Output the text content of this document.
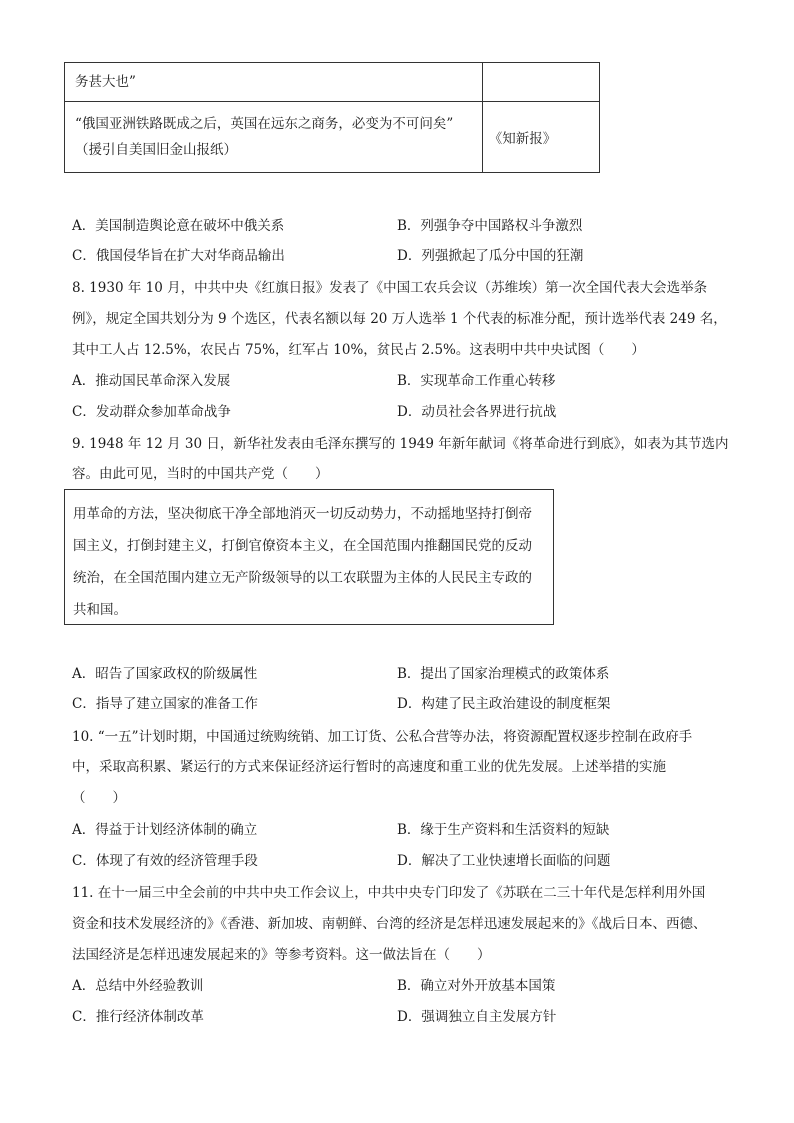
务甚大也”	

“俄国亚洲铁路既成之后，英国在远东之商务，必变为不可问矣”
（援引自美国旧金山报纸）	《知新报》
A．美国制造舆论意在破坏中俄关系	B．列强争夺中国路权斗争激烈
C．俄国侵华旨在扩大对华商品输出	D．列强掀起了瓜分中国的狂潮
8. 1930 年 10 月，中共中央《红旗日报》发表了《中国工农兵会议（苏维埃）第一次全国代表大会选举条
例》，规定全国共划分为 9 个选区，代表名额以每 20 万人选举 1 个代表的标准分配，预计选举代表 249 名，
其中工人占 12.5%，农民占 75%，红军占 10%，贫民占 2.5%。这表明中共中央试图（　　）
A．推动国民革命深入发展	B．实现革命工作重心转移
C．发动群众参加革命战争	D．动员社会各界进行抗战
9. 1948 年 12 月 30 日，新华社发表由毛泽东撰写的 1949 年新年献词《将革命进行到底》，如表为其节选内
容。由此可见，当时的中国共产党（　　）

用革命的方法，坚决彻底干净全部地消灭一切反动势力，不动摇地坚持打倒帝

国主义，打倒封建主义，打倒官僚资本主义，在全国范围内推翻国民党的反动

统治，在全国范围内建立无产阶级领导的以工农联盟为主体的人民民主专政的

共和国。

A．昭告了国家政权的阶级属性	B．提出了国家治理模式的政策体系
C．指导了建立国家的准备工作	D．构建了民主政治建设的制度框架
10. “一五”计划时期，中国通过统购统销、加工订货、公私合营等办法，将资源配置权逐步控制在政府手
中，采取高积累、紧运行的方式来保证经济运行暂时的高速度和重工业的优先发展。上述举措的实施
（　　）
A．得益于计划经济体制的确立	B．缘于生产资料和生活资料的短缺
C．体现了有效的经济管理手段	D．解决了工业快速增长面临的问题
11. 在十一届三中全会前的中共中央工作会议上，中共中央专门印发了《苏联在二三十年代是怎样利用外国
资金和技术发展经济的》《香港、新加坡、南朝鲜、台湾的经济是怎样迅速发展起来的》《战后日本、西德、
法国经济是怎样迅速发展起来的》等参考资料。这一做法旨在（　　）
A．总结中外经验教训	B．确立对外开放基本国策
C．推行经济体制改革	D．强调独立自主发展方针
